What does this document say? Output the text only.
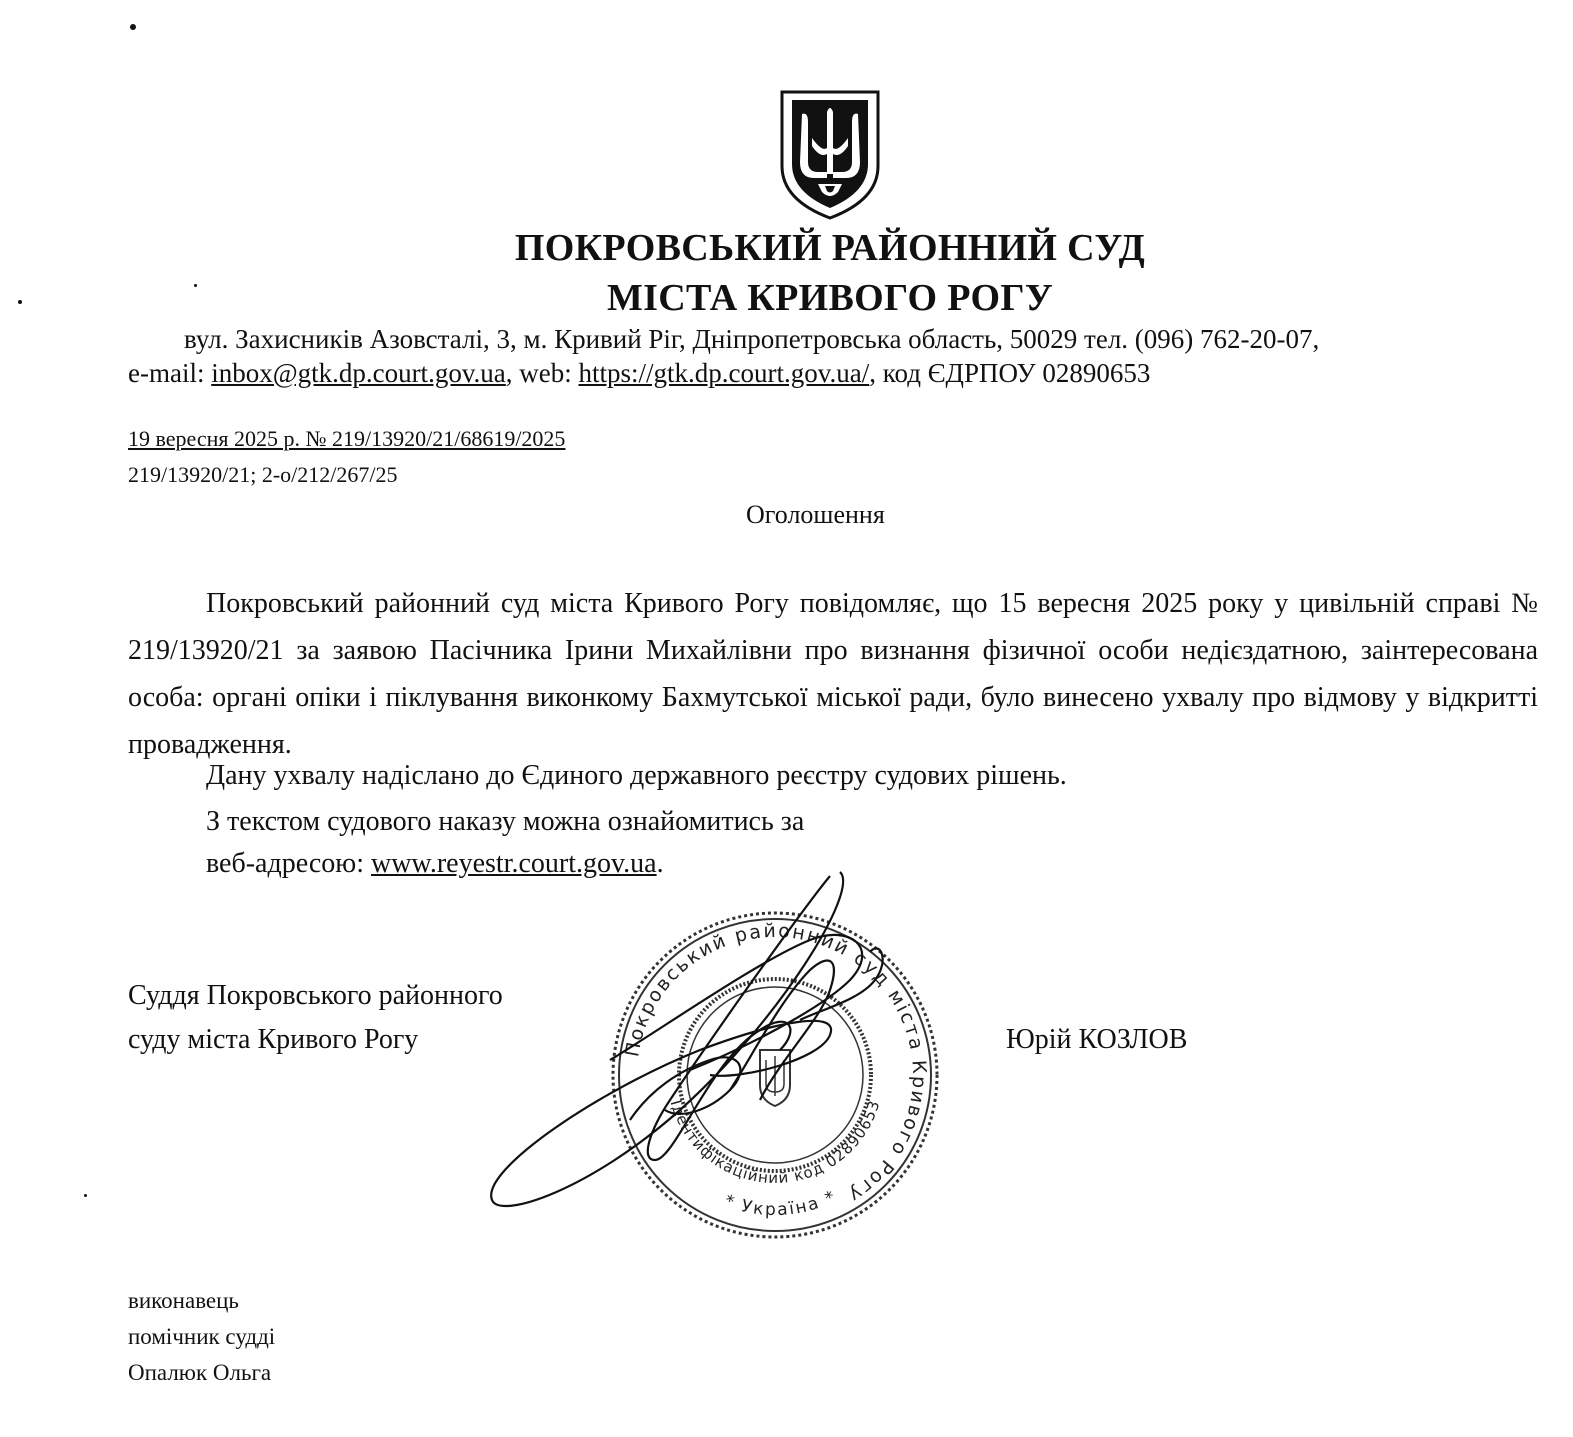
ПОКРОВСЬКИЙ РАЙОННИЙ СУД
МІСТА КРИВОГО РОГУ
вул. Захисників Азовсталі, 3, м. Кривий Ріг, Дніпропетровська область, 50029 тел. (096) 762-20-07,
e-mail: inbox@gtk.dp.court.gov.ua, web: https://gtk.dp.court.gov.ua/, код ЄДРПОУ 02890653
19 вересня 2025 р. № 219/13920/21/68619/2025
219/13920/21; 2-о/212/267/25
Оголошення

Покровський районний суд міста Кривого Рогу повідомляє, що 15 вересня 2025 року у цивільній справі № 219/13920/21 за заявою Пасічника Ірини Михайлівни про визнання фізичної особи недієздатною, заінтересована особа: органі опіки і піклування виконкому Бахмутської міської ради, було винесено ухвалу про відмову у відкритті провадження.

Дану ухвалу надіслано до Єдиного державного реєстру судових рішень.
З текстом судового наказу можна ознайомитись за
веб-адресою: www.reyestr.court.gov.ua.
Покровський районний суд міста Кривого Рогу
Ідентифікаційний код 02890653
* Україна *
Суддя Покровського районного
суду міста Кривого Рогу	Юрій КОЗЛОВ
виконавець
помічник судді
Опалюк Ольга
